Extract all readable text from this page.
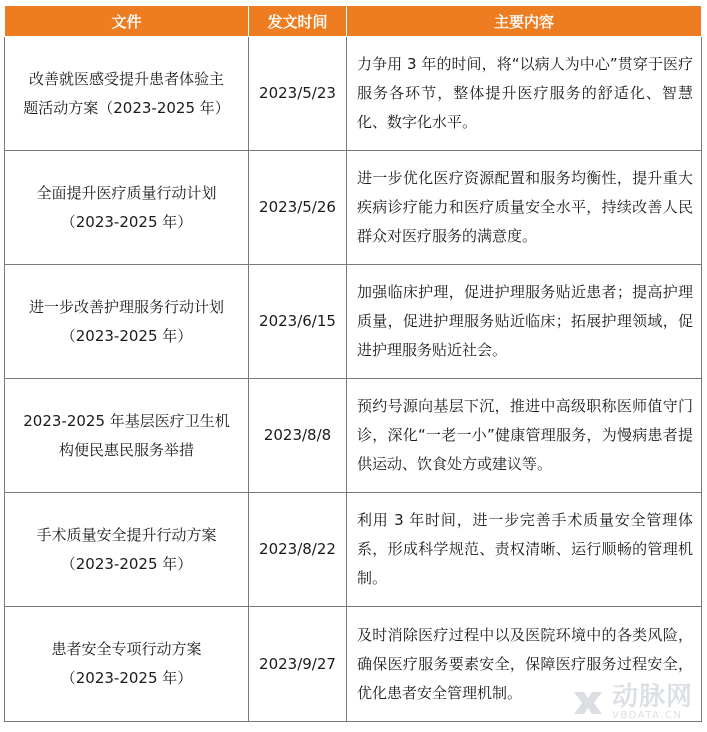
文件	发文时间	主要内容

改善就医感受提升患者体验主
题活动方案（2023-2025 年）	2023/5/23	力争用 3 年的时间，将“以病人为中心”贯穿于医疗服务各环节，整体提升医疗服务的舒适化、智慧化、数字化水平。

全面提升医疗质量行动计划
（2023-2025 年）	2023/5/26	进一步优化医疗资源配置和服务均衡性，提升重大疾病诊疗能力和医疗质量安全水平，持续改善人民群众对医疗服务的满意度。

进一步改善护理服务行动计划
（2023-2025 年）	2023/6/15	加强临床护理，促进护理服务贴近患者；提高护理质量，促进护理服务贴近临床；拓展护理领域，促进护理服务贴近社会。

2023-2025 年基层医疗卫生机
构便民惠民服务举措	2023/8/8	预约号源向基层下沉，推进中高级职称医师值守门诊，深化“一老一小”健康管理服务，为慢病患者提供运动、饮食处方或建议等。

手术质量安全提升行动方案
（2023-2025 年）	2023/8/22	利用 3 年时间，进一步完善手术质量安全管理体系，形成科学规范、责权清晰、运行顺畅的管理机制。

患者安全专项行动方案
（2023-2025 年）	2023/9/27	及时消除医疗过程中以及医院环境中的各类风险，确保医疗服务要素安全，保障医疗服务过程安全，优化患者安全管理机制。	动脉网
VBDATA.CN
